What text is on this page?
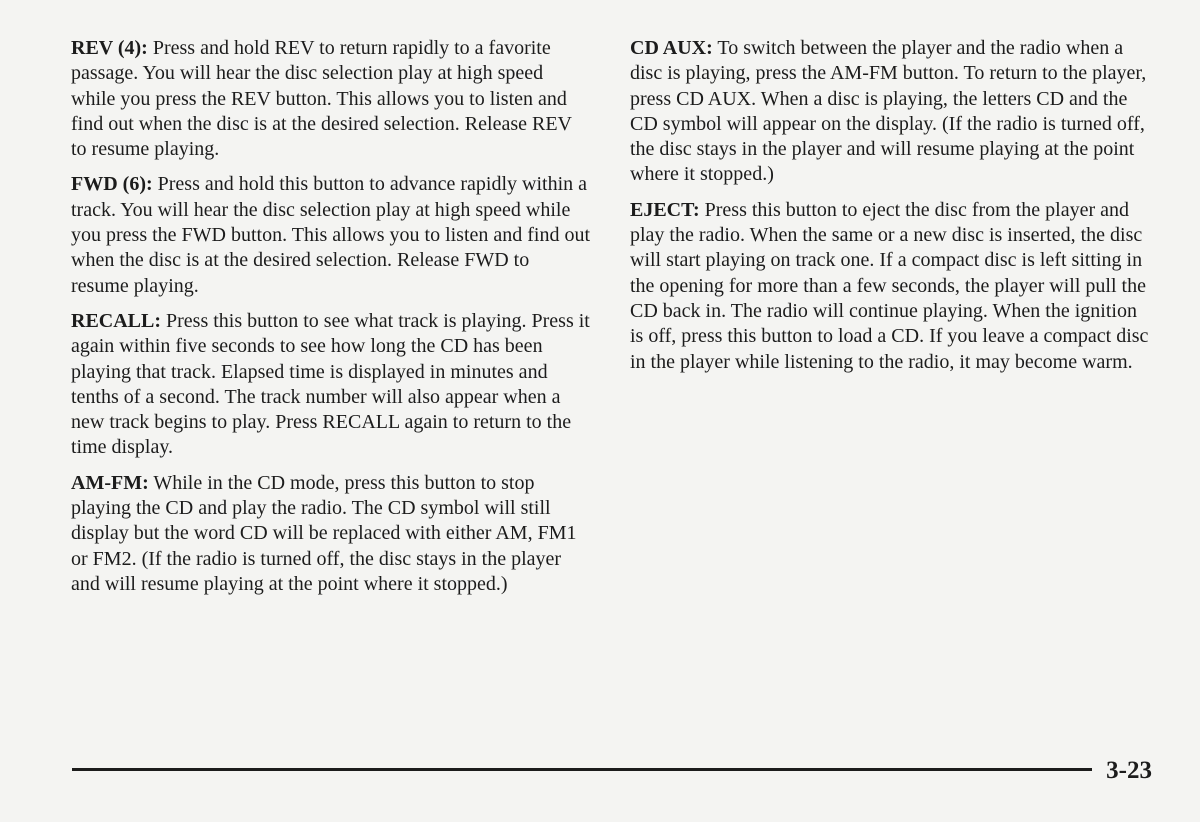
REV (4): Press and hold REV to return rapidly to a favorite passage. You will hear the disc selection play at high speed while you press the REV button. This allows you to listen and find out when the disc is at the desired selection. Release REV to resume playing.

FWD (6): Press and hold this button to advance rapidly within a track. You will hear the disc selection play at high speed while you press the FWD button. This allows you to listen and find out when the disc is at the desired selection. Release FWD to resume playing.

RECALL: Press this button to see what track is playing. Press it again within five seconds to see how long the CD has been playing that track. Elapsed time is displayed in minutes and tenths of a second. The track number will also appear when a new track begins to play. Press RECALL again to return to the time display.

AM-FM: While in the CD mode, press this button to stop playing the CD and play the radio. The CD symbol will still display but the word CD will be replaced with either AM, FM1 or FM2. (If the radio is turned off, the disc stays in the player and will resume playing at the point where it stopped.)

CD AUX: To switch between the player and the radio when a disc is playing, press the AM-FM button. To return to the player, press CD AUX. When a disc is playing, the letters CD and the CD symbol will appear on the display. (If the radio is turned off, the disc stays in the player and will resume playing at the point where it stopped.)

EJECT: Press this button to eject the disc from the player and play the radio. When the same or a new disc is inserted, the disc will start playing on track one. If a compact disc is left sitting in the opening for more than a few seconds, the player will pull the CD back in. The radio will continue playing. When the ignition is off, press this button to load a CD. If you leave a compact disc in the player while listening to the radio, it may become warm.

3-23
